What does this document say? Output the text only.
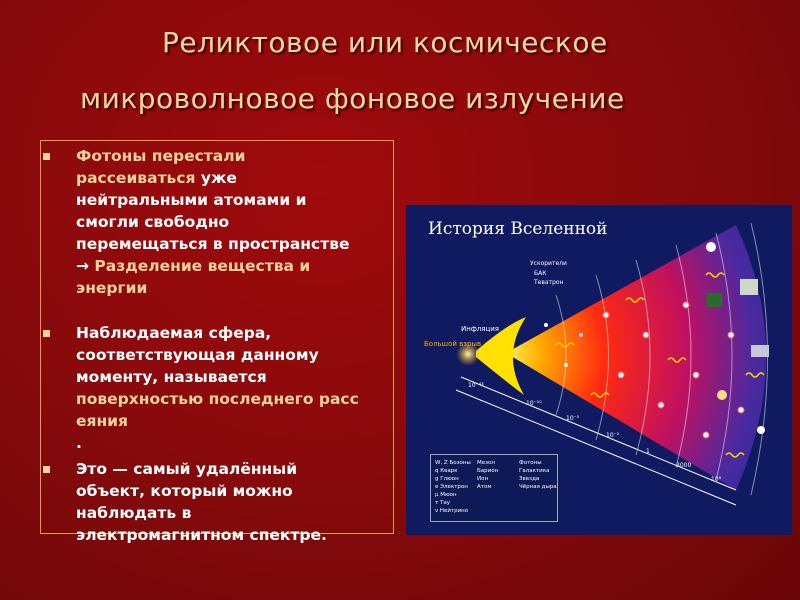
Реликтовое или космическое
микроволновое фоновое излучение
Фотоны перестали
рассеиваться уже
нейтральными атомами и
смогли свободно
перемещаться в пространстве
→ Разделение вещества и
энергии
Наблюдаемая сфера,
соответствующая данному
моменту, называется
поверхностью последнего расс
еяния
.
Это — самый удалённый
объект, который можно
наблюдать в
электромагнитном спектре.
10⁻⁴³
10⁻¹⁰
10⁻⁵
10⁻²
1
3000
10⁹
Инфляция
Большой взрыв
Ускорители
БАК
Теватрон
История Вселенной
W, Z Бозоны
q Кварк
g Глюон
e Электрон
μ Мюон
τ Тау
ν Нейтрино
Мезон
Барион
Ион
Атом
Фотоны
Галактика
Звезда
Чёрная дыра
